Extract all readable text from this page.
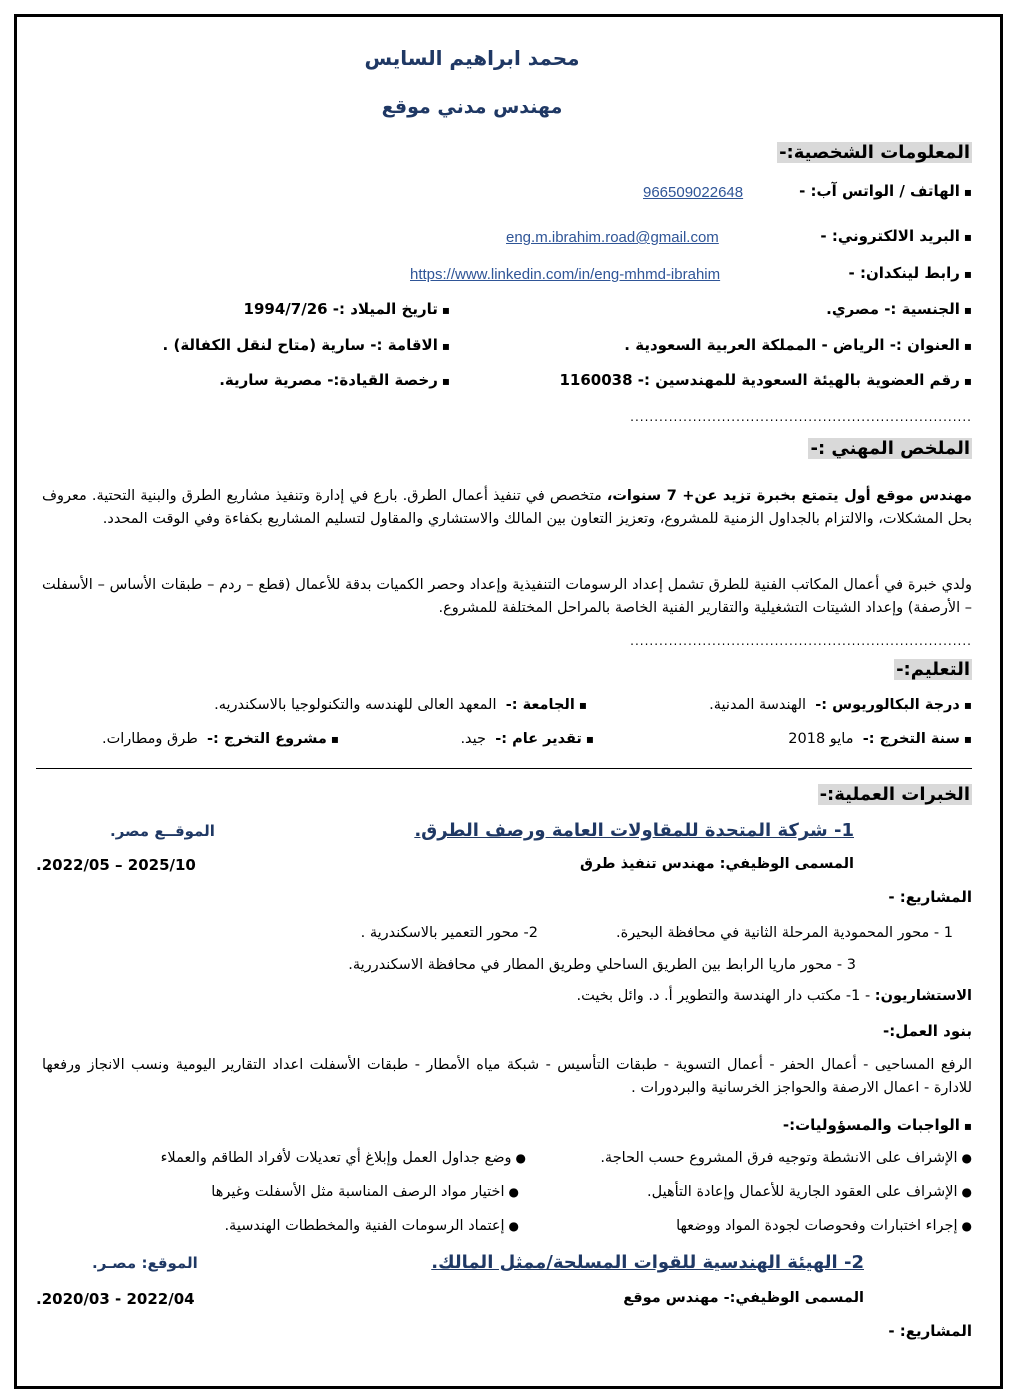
محمد ابراهيم السايس
مهندس مدني موقع
المعلومات الشخصية:-
▪الهاتف / الواتس آب: -
966509022648
▪البريد الالكتروني: -
eng.m.ibrahim.road@gmail.com
▪رابط لينكدان: -
https://www.linkedin.com/in/eng-mhmd-ibrahim
▪الجنسية :- مصري.
▪تاريخ الميلاد :- 1994/7/26
▪العنوان :- الرياض - المملكة العربية السعودية .
▪الاقامة :- سارية (متاح لنقل الكفالة) .
▪رقم العضوية بالهيئة السعودية للمهندسين :- 1160038
▪رخصة القيادة:- مصرية سارية.
.......................................................................
الملخص المهني :-
مهندس موقع أول يتمتع بخبرة تزيد عن+ 7 سنوات، متخصص في تنفيذ أعمال الطرق. بارع في إدارة وتنفيذ مشاريع الطرق والبنية التحتية. معروف بحل المشكلات، والالتزام بالجداول الزمنية للمشروع، وتعزيز التعاون بين المالك والاستشاري والمقاول لتسليم المشاريع بكفاءة وفي الوقت المحدد.
ولدي خبرة في أعمال المكاتب الفنية للطرق تشمل إعداد الرسومات التنفيذية وإعداد وحصر الكميات بدقة للأعمال (قطع – ردم – طبقات الأساس – الأسفلت – الأرصفة) وإعداد الشيتات التشغيلية والتقارير الفنية الخاصة بالمراحل المختلفة للمشروع.
.......................................................................
التعليم:-
▪درجة البكالوريوس :-  الهندسة المدنية.
▪الجامعة :-  المعهد العالى للهندسه والتكنولوجيا بالاسكندريه.
▪سنة التخرج :-  مايو 2018
▪تقدير عام :-  جيد.
▪مشروع التخرج :-  طرق ومطارات.
الخبرات العملية:-
1- شركة المتحدة للمقاولات العامة ورصف الطرق.
الموقــع مصر.
المسمى الوظيفي: مهندس تنفيذ طرق
2025/10 – 2022/05.
المشاريع: -
1 - محور المحمودية المرحلة الثانية في محافظة البحيرة.
2- محور التعمير بالاسكندرية .
3 - محور ماريا الرابط بين الطريق الساحلي وطريق المطار في محافظة الاسكندررية.
الاستشاريون: - 1- مكتب دار الهندسة والتطوير أ. د. وائل بخيت.
بنود العمل:-
الرفع المساحيى - أعمال الحفر - أعمال التسوية - طبقات التأسيس - شبكة مياه الأمطار - طبقات الأسفلت اعداد التقارير اليومية ونسب الانجاز ورفعها للادارة - اعمال الارصفة والحواجز الخرسانية والبردورات .
▪الواجبات والمسؤوليات:-
●الإشراف على الانشطة وتوجيه فرق المشروع حسب الحاجة.
●وضع جداول العمل وإبلاغ أي تعديلات لأفراد الطاقم والعملاء
●الإشراف على العقود الجارية للأعمال وإعادة التأهيل.
●اختيار مواد الرصف المناسبة مثل الأسفلت وغيرها
●إجراء اختبارات وفحوصات لجودة المواد ووضعها
●إعتماد الرسومات الفنية والمخططات الهندسية.
2- الهيئة الهندسية للقوات المسلحة/ممثل المالك.
الموقع: مصـر.
المسمى الوظيفي:- مهندس موقع
2022/04 - 2020/03.
المشاريع: -
